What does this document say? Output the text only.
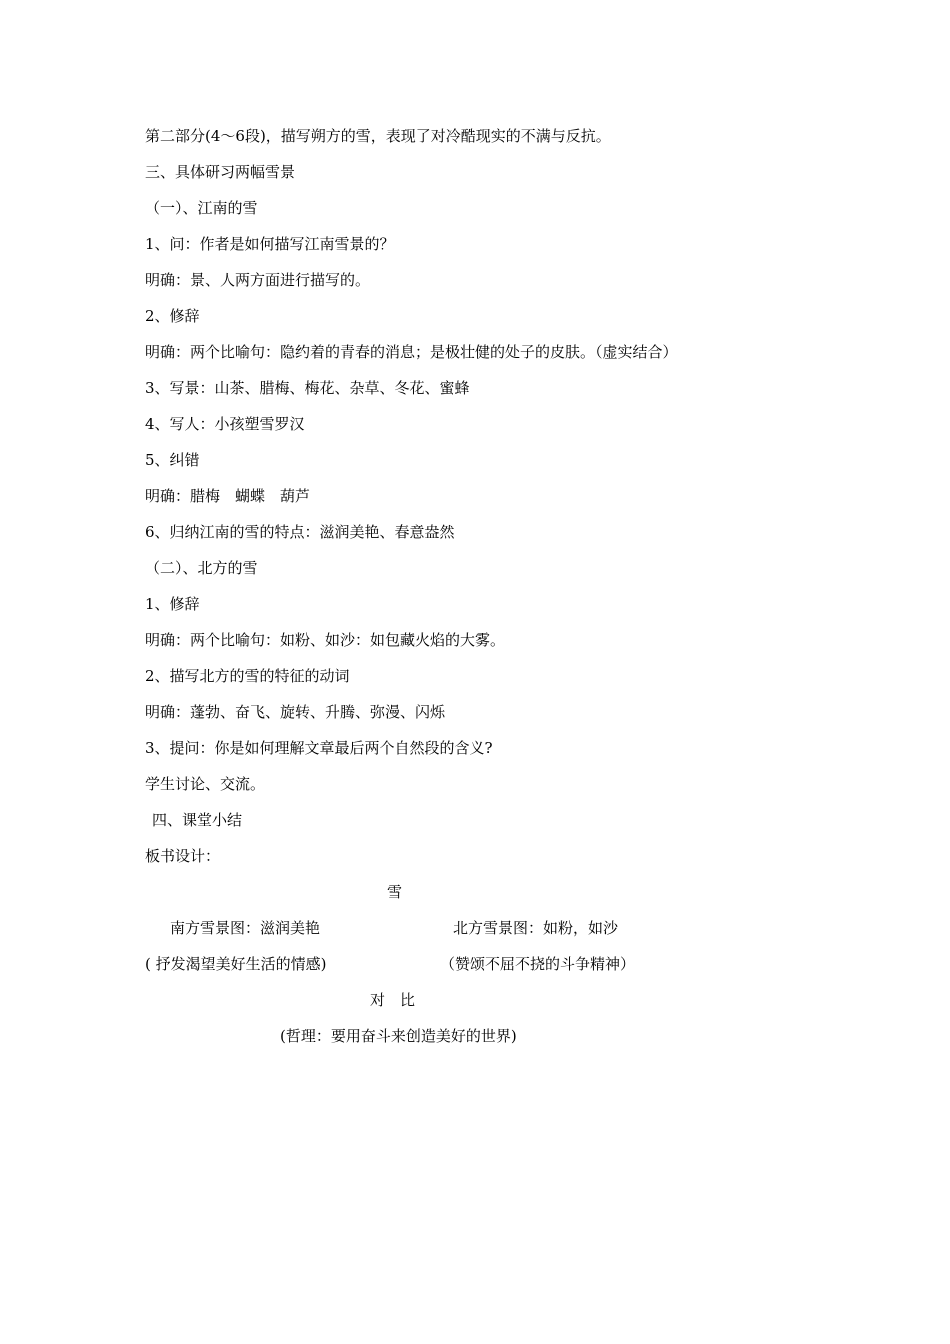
第二部分(4～6段)，描写朔方的雪，表现了对冷酷现实的不满与反抗。
三、具体研习两幅雪景
（一）、江南的雪
1、问：作者是如何描写江南雪景的？
明确：景、人两方面进行描写的。
2、修辞
明确：两个比喻句：隐约着的青春的消息；是极壮健的处子的皮肤。（虚实结合）
3、写景：山茶、腊梅、梅花、杂草、冬花、蜜蜂
4、写人：小孩塑雪罗汉
5、纠错
明确：腊梅　蝴蝶　葫芦
6、归纳江南的雪的特点：滋润美艳、春意盎然
（二）、北方的雪
1、修辞
明确：两个比喻句：如粉、如沙：如包藏火焰的大雾。
2、描写北方的雪的特征的动词
明确：蓬勃、奋飞、旋转、升腾、弥漫、闪烁
3、提问：你是如何理解文章最后两个自然段的含义?
学生讨论、交流。
四、课堂小结
板书设计：
雪
南方雪景图：滋润美艳	北方雪景图：如粉，如沙
( 抒发渴望美好生活的情感)	（赞颂不屈不挠的斗争精神）
对　比
(哲理：要用奋斗来创造美好的世界)
